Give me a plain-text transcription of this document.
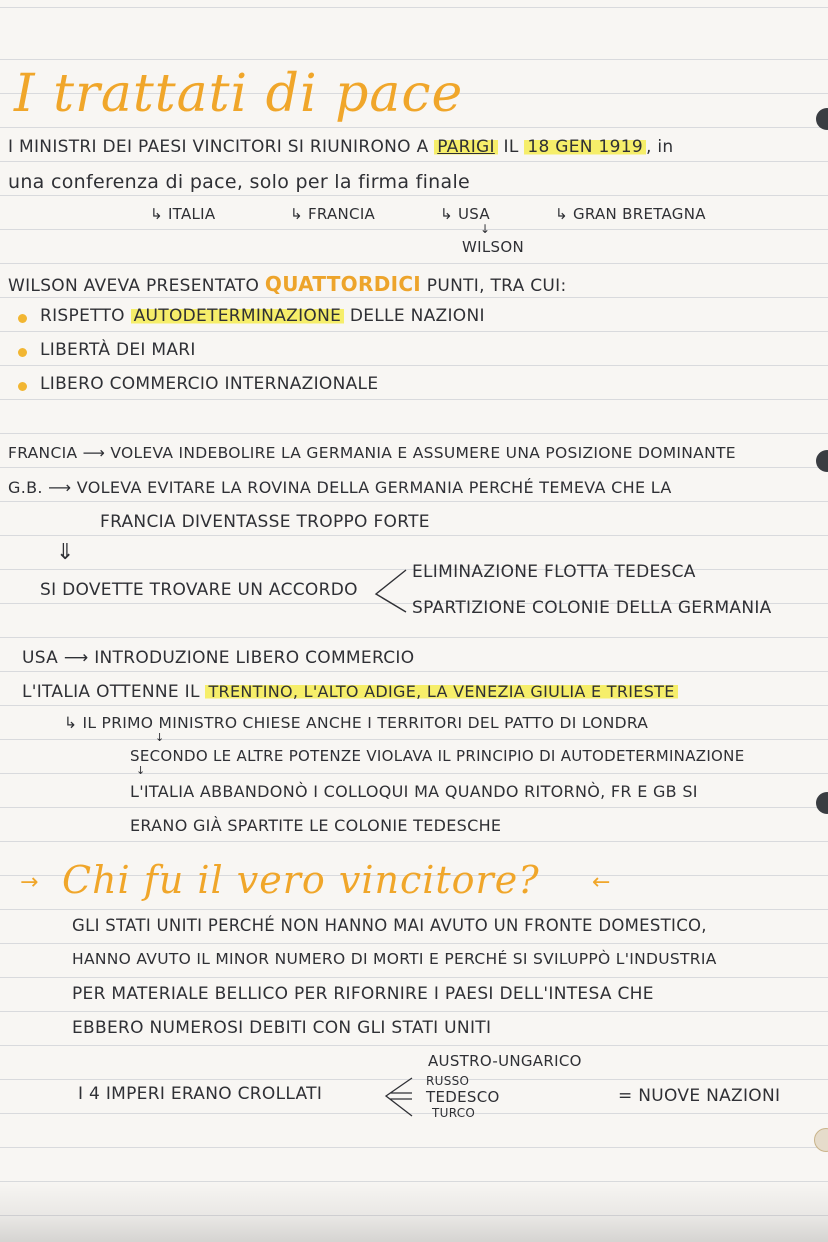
I trattati di pace
I MINISTRI DEI PAESI VINCITORI SI RIUNIRONO A PARIGI IL 18 GEN 1919 , in
una conferenza di pace, solo per la firma finale
↳ ITALIA	↳ FRANCIA	↳ USA	↳ GRAN BRETAGNA
↓
WILSON
WILSON AVEVA PRESENTATO QUATTORDICI PUNTI, TRA CUI:
RISPETTO AUTODETERMINAZIONE DELLE NAZIONI
LIBERTÀ DEI MARI
LIBERO COMMERCIO INTERNAZIONALE
FRANCIA ⟶ VOLEVA INDEBOLIRE LA GERMANIA E ASSUMERE UNA POSIZIONE DOMINANTE
G.B. ⟶ VOLEVA EVITARE LA ROVINA DELLA GERMANIA PERCHÉ TEMEVA CHE LA
FRANCIA DIVENTASSE TROPPO FORTE
⇓
SI DOVETTE TROVARE UN ACCORDO
ELIMINAZIONE FLOTTA TEDESCA
SPARTIZIONE COLONIE DELLA GERMANIA
USA ⟶ INTRODUZIONE LIBERO COMMERCIO
L'ITALIA OTTENNE IL TRENTINO, L'ALTO ADIGE, LA VENEZIA GIULIA E TRIESTE
↳ IL PRIMO MINISTRO CHIESE ANCHE I TERRITORI DEL PATTO DI LONDRA
↓
SECONDO LE ALTRE POTENZE VIOLAVA IL PRINCIPIO DI AUTODETERMINAZIONE
↓
L'ITALIA ABBANDONÒ I COLLOQUI MA QUANDO RITORNÒ, FR E GB SI
ERANO GIÀ SPARTITE LE COLONIE TEDESCHE
→ Chi fu il vero vincitore? ←
GLI STATI UNITI PERCHÉ NON HANNO MAI AVUTO UN FRONTE DOMESTICO,
HANNO AVUTO IL MINOR NUMERO DI MORTI E PERCHÉ SI SVILUPPÒ L'INDUSTRIA
PER MATERIALE BELLICO PER RIFORNIRE I PAESI DELL'INTESA CHE
EBBERO NUMEROSI DEBITI CON GLI STATI UNITI
I 4 IMPERI ERANO CROLLATI
AUSTRO-UNGARICO
RUSSO
TEDESCO
TURCO
= NUOVE NAZIONI
